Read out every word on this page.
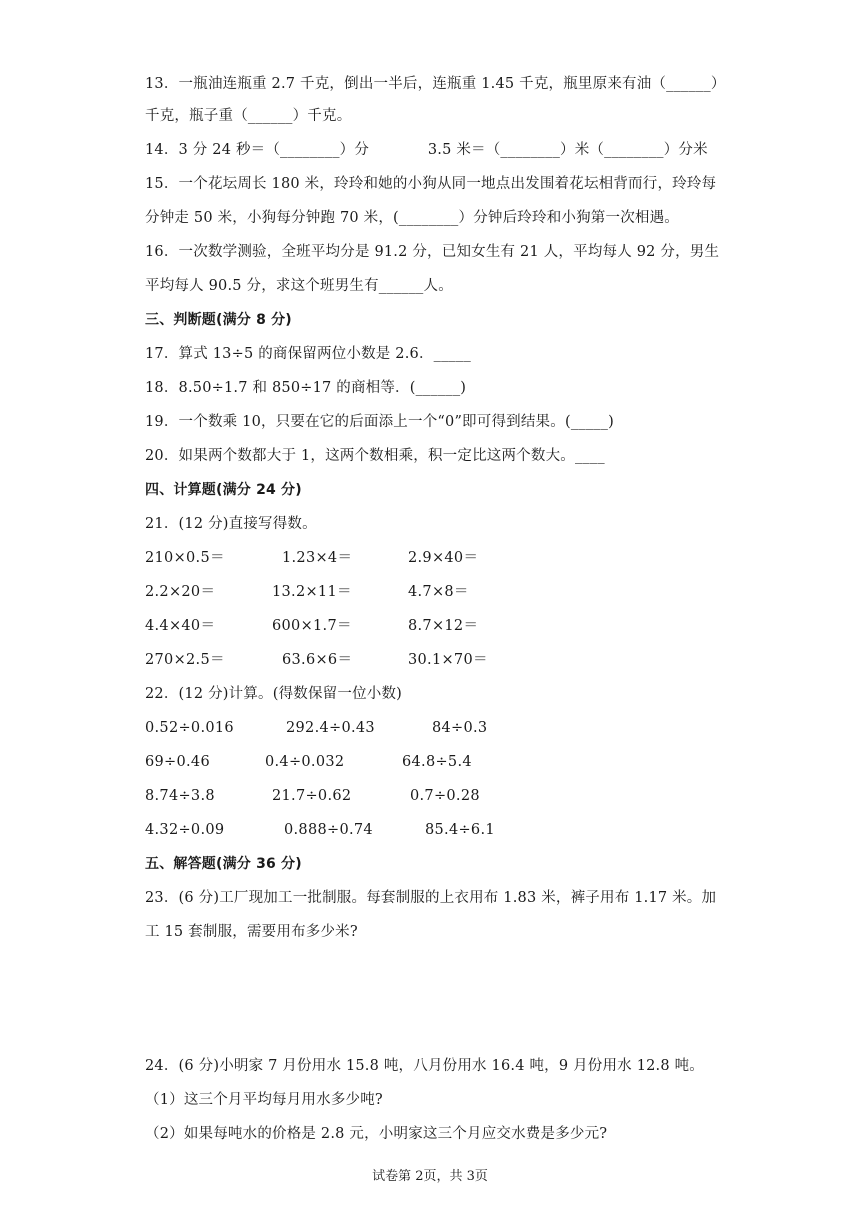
13．一瓶油连瓶重 2.7 千克，倒出一半后，连瓶重 1.45 千克，瓶里原来有油（______）
千克，瓶子重（______）千克。
14．3 分 24 秒＝（________）分　　　　3.5 米＝（________）米（________）分米
15．一个花坛周长 180 米，玲玲和她的小狗从同一地点出发围着花坛相背而行，玲玲每
分钟走 50 米，小狗每分钟跑 70 米，(________）分钟后玲玲和小狗第一次相遇。
16．一次数学测验，全班平均分是 91.2 分，已知女生有 21 人，平均每人 92 分，男生
平均每人 90.5 分，求这个班男生有______人。
三、判断题(满分 8 分)
17．算式 13÷5 的商保留两位小数是 2.6．_____
18．8.50÷1.7 和 850÷17 的商相等．(______)
19．一个数乘 10，只要在它的后面添上一个“0”即可得到结果。(_____)
20．如果两个数都大于 1，这两个数相乘，积一定比这两个数大。____
四、计算题(满分 24 分)
21．(12 分)直接写得数。
210×0.5＝	1.23×4＝	2.9×40＝
2.2×20＝	13.2×11＝	4.7×8＝
4.4×40＝	600×1.7＝	8.7×12＝
270×2.5＝	63.6×6＝	30.1×70＝
22．(12 分)计算。(得数保留一位小数)
0.52÷0.016	292.4÷0.43	84÷0.3
69÷0.46	0.4÷0.032	64.8÷5.4
8.74÷3.8	21.7÷0.62	0.7÷0.28
4.32÷0.09	0.888÷0.74	85.4÷6.1
五、解答题(满分 36 分)
23．(6 分)工厂现加工一批制服。每套制服的上衣用布 1.83 米，裤子用布 1.17 米。加
工 15 套制服，需要用布多少米?
24．(6 分)小明家 7 月份用水 15.8 吨，八月份用水 16.4 吨，9 月份用水 12.8 吨。
（1）这三个月平均每月用水多少吨?
（2）如果每吨水的价格是 2.8 元，小明家这三个月应交水费是多少元?
试卷第 2页，共 3页
